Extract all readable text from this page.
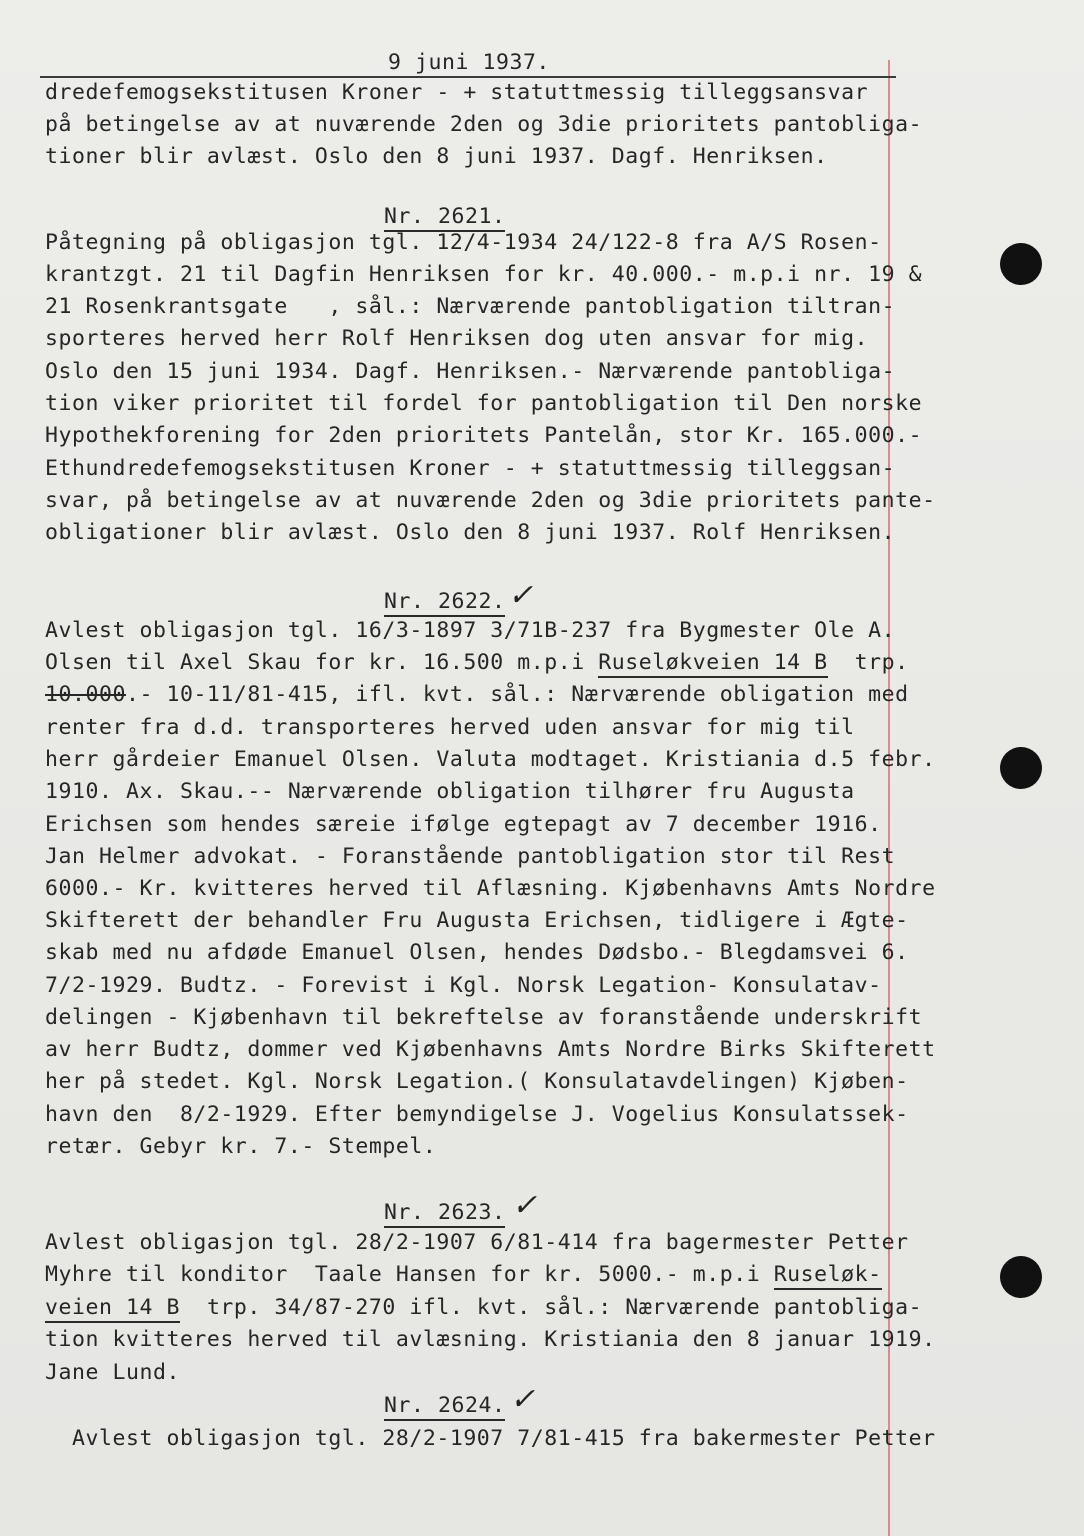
9 juni 1937.
dredefemogsekstitusen Kroner - + statuttmessig tilleggsansvar
på betingelse av at nuværende 2den og 3die prioritets pantobliga-
tioner blir avlæst. Oslo den 8 juni 1937. Dagf. Henriksen.
Nr. 2621.
Påtegning på obligasjon tgl. 12/4-1934 24/122-8 fra A/S Rosen-
krantzgt. 21 til Dagfin Henriksen for kr. 40.000.- m.p.i nr. 19 &
21 Rosenkrantsgate   , sål.: Nærværende pantobligation tiltran-
sporteres herved herr Rolf Henriksen dog uten ansvar for mig.
Oslo den 15 juni 1934. Dagf. Henriksen.- Nærværende pantobliga-
tion viker prioritet til fordel for pantobligation til Den norske
Hypothekforening for 2den prioritets Pantelån, stor Kr. 165.000.-
Ethundredefemogsekstitusen Kroner - + statuttmessig tilleggsan-
svar, på betingelse av at nuværende 2den og 3die prioritets pante-
obligationer blir avlæst. Oslo den 8 juni 1937. Rolf Henriksen.
Nr. 2622. ✓
Avlest obligasjon tgl. 16/3-1897 3/71B-237 fra Bygmester Ole A.
Olsen til Axel Skau for kr. 16.500 m.p.i Ruseløkveien 14 B  trp.
10.000.- 10-11/81-415, ifl. kvt. sål.: Nærværende obligation med
renter fra d.d. transporteres herved uden ansvar for mig til
herr gårdeier Emanuel Olsen. Valuta modtaget. Kristiania d.5 febr.
1910. Ax. Skau.-- Nærværende obligation tilhører fru Augusta
Erichsen som hendes særeie ifølge egtepagt av 7 december 1916.
Jan Helmer advokat. - Foranstående pantobligation stor til Rest
6000.- Kr. kvitteres herved til Aflæsning. Kjøbenhavns Amts Nordre
Skifterett der behandler Fru Augusta Erichsen, tidligere i Ægte-
skab med nu afdøde Emanuel Olsen, hendes Dødsbo.- Blegdamsvei 6.
7/2-1929. Budtz. - Forevist i Kgl. Norsk Legation- Konsulatav-
delingen - Kjøbenhavn til bekreftelse av foranstående underskrift
av herr Budtz, dommer ved Kjøbenhavns Amts Nordre Birks Skifterett
her på stedet. Kgl. Norsk Legation.( Konsulatavdelingen) Kjøben-
havn den  8/2-1929. Efter bemyndigelse J. Vogelius Konsulatssek-
retær. Gebyr kr. 7.- Stempel.
Nr. 2623. ✓
Avlest obligasjon tgl. 28/2-1907 6/81-414 fra bagermester Petter
Myhre til konditor  Taale Hansen for kr. 5000.- m.p.i Ruseløk-
veien 14 B  trp. 34/87-270 ifl. kvt. sål.: Nærværende pantobliga-
tion kvitteres herved til avlæsning. Kristiania den 8 januar 1919.
Jane Lund.
Nr. 2624. ✓
Avlest obligasjon tgl. 28/2-1907 7/81-415 fra bakermester Petter
